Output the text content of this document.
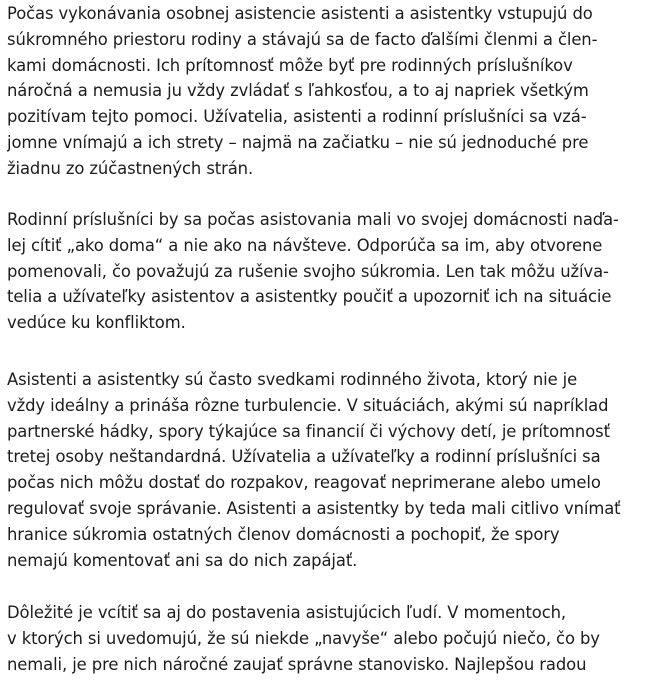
Počas vykonávania osobnej asistencie asistenti a asistentky vstupujú do
súkromného priestoru rodiny a stávajú sa de facto ďalšími členmi a člen-
kami domácnosti. Ich prítomnosť môže byť pre rodinných príslušníkov
náročná a nemusia ju vždy zvládať s ľahkosťou, a to aj napriek všetkým
pozitívam tejto pomoci. Užívatelia, asistenti a rodinní príslušníci sa vzá-
jomne vnímajú a ich strety – najmä na začiatku – nie sú jednoduché pre
žiadnu zo zúčastnených strán.
Rodinní príslušníci by sa počas asistovania mali vo svojej domácnosti naďa-
lej cítiť „ako doma“ a nie ako na návšteve. Odporúča sa im, aby otvorene
pomenovali, čo považujú za rušenie svojho súkromia. Len tak môžu užíva-
telia a užívateľky asistentov a asistentky poučiť a upozorniť ich na situácie
vedúce ku konfliktom.
Asistenti a asistentky sú často svedkami rodinného života, ktorý nie je
vždy ideálny a prináša rôzne turbulencie. V situáciách, akými sú napríklad
partnerské hádky, spory týkajúce sa financií či výchovy detí, je prítomnosť
tretej osoby neštandardná. Užívatelia a užívateľky a rodinní príslušníci sa
počas nich môžu dostať do rozpakov, reagovať neprimerane alebo umelo
regulovať svoje správanie. Asistenti a asistentky by teda mali citlivo vnímať
hranice súkromia ostatných členov domácnosti a pochopiť, že spory
nemajú komentovať ani sa do nich zapájať.
Dôležité je vcítiť sa aj do postavenia asistujúcich ľudí. V momentoch,
v ktorých si uvedomujú, že sú niekde „navyše“ alebo počujú niečo, čo by
nemali, je pre nich náročné zaujať správne stanovisko. Najlepšou radou
